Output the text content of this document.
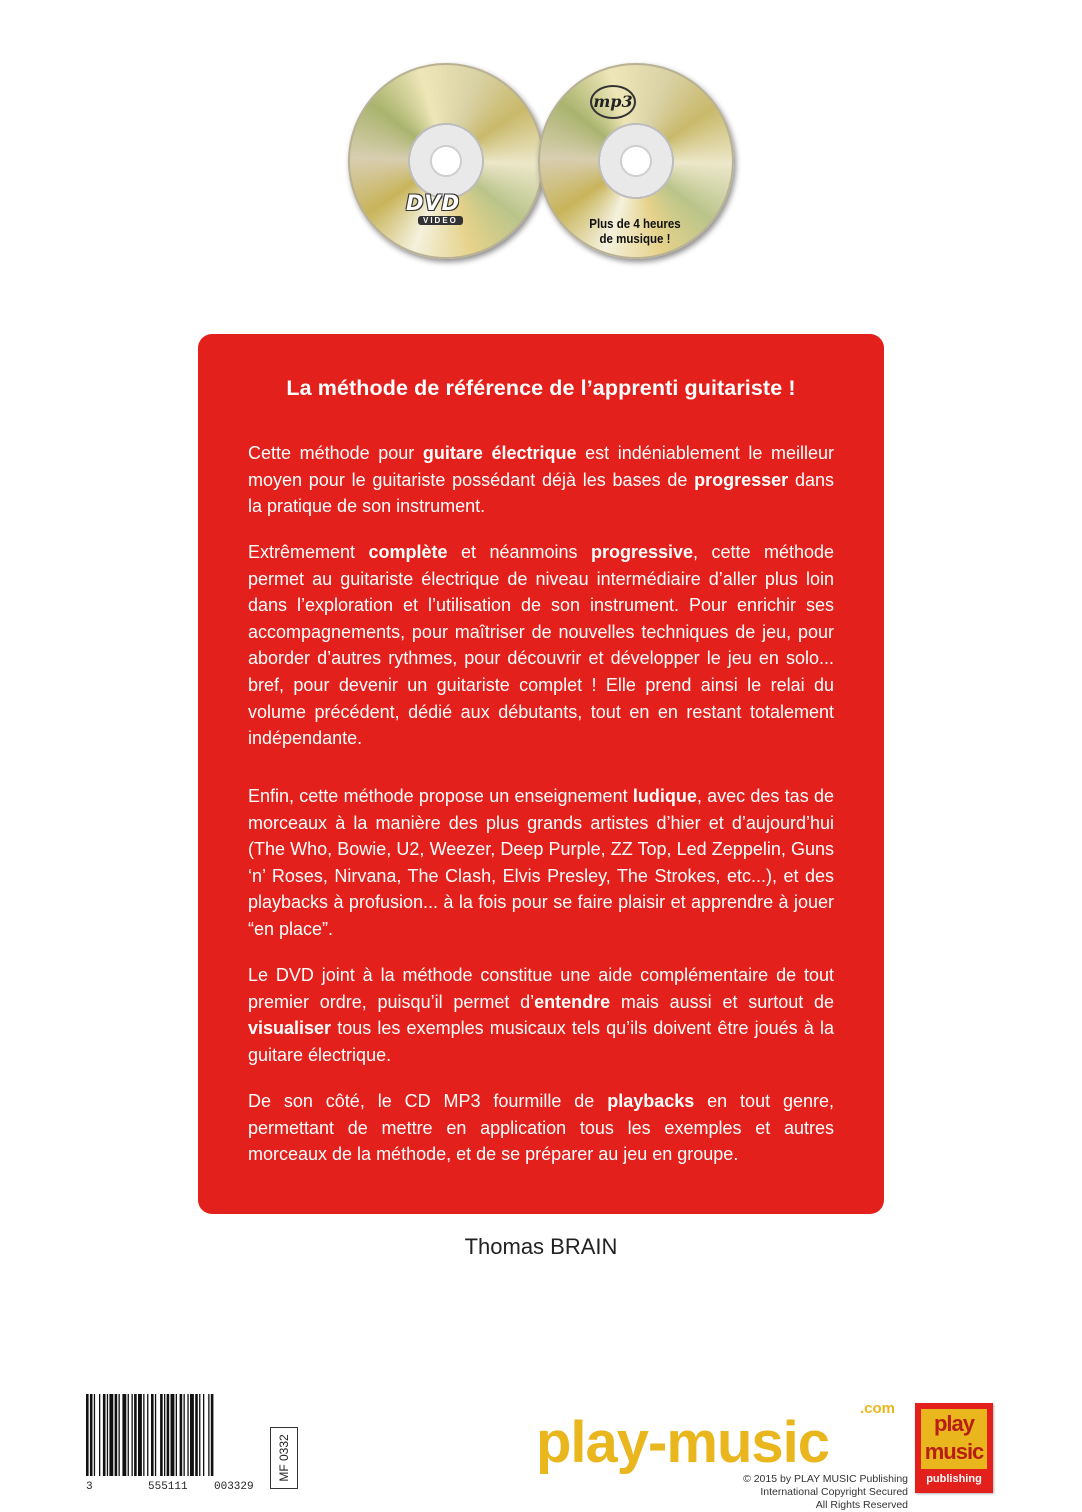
DVD
VIDEO
mp3
Plus de 4 heures
de musique !
La méthode de référence de l’apprenti guitariste !
Cette méthode pour guitare électrique est indéniablement le meilleur moyen pour le guitariste possédant déjà les bases de progresser dans la pratique de son instrument.
Extrêmement complète et néanmoins progressive, cette méthode permet au guitariste électrique de niveau intermédiaire d’aller plus loin dans l’exploration et l’utilisation de son instrument. Pour enrichir ses accompagnements, pour maîtriser de nouvelles techniques de jeu, pour aborder d’autres rythmes, pour découvrir et développer le jeu en solo... bref, pour devenir un guitariste complet ! Elle prend ainsi le relai du volume précédent, dédié aux débutants, tout en en restant totalement indépendante.
Enfin, cette méthode propose un enseignement ludique, avec des tas de morceaux à la manière des plus grands artistes d’hier et d’aujourd’hui (The Who, Bowie, U2, Weezer, Deep Purple, ZZ Top, Led Zeppelin, Guns ‘n’ Roses, Nirvana, The Clash, Elvis Presley, The Strokes, etc...), et des playbacks à profusion... à la fois pour se faire plaisir et apprendre à jouer “en place”.
Le DVD joint à la méthode constitue une aide complémentaire de tout premier ordre, puisqu’il permet d’entendre mais aussi et surtout de visualiser tous les exemples musicaux tels qu’ils doivent être joués à la guitare électrique.
De son côté, le CD MP3 fourmille de playbacks en tout genre, permettant de mettre en application tous les exemples et autres morceaux de la méthode, et de se préparer au jeu en groupe.
Thomas BRAIN
3	555111 003329
MF 0332	play-music
.com
© 2015 by PLAY MUSIC Publishing
International Copyright Secured
All Rights Reserved
play
music
publishing
